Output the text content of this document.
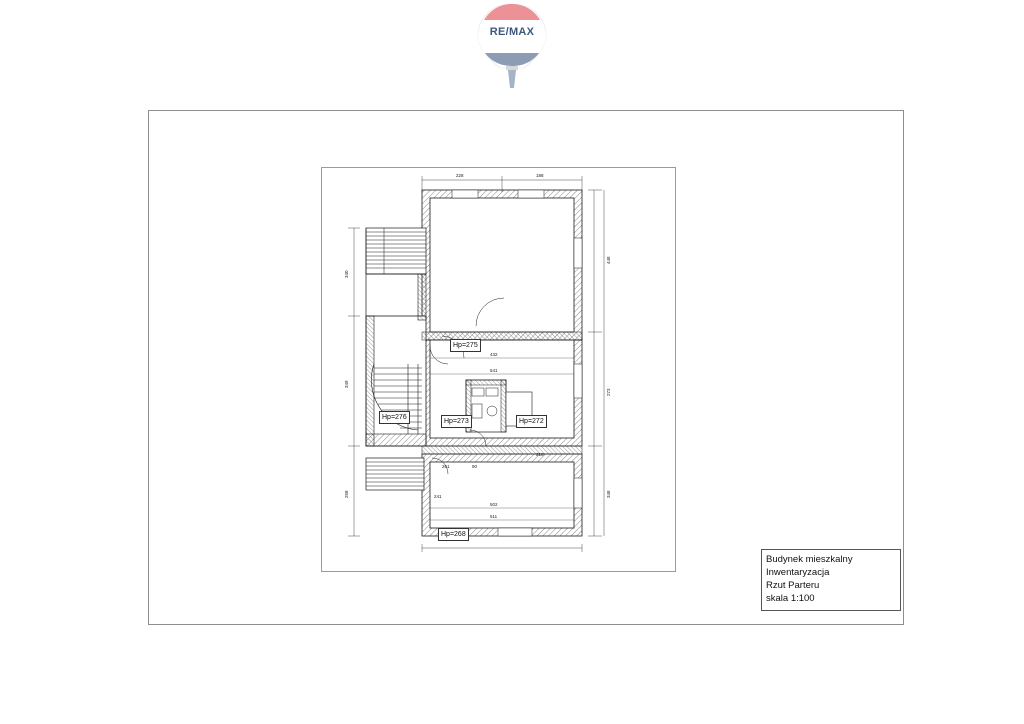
RE/MAX
228	188
448
273
348
340
349
258
432
541
502
511
218
261
241
90
Hp=275
Hp=272
Hp=273
Hp=276
Hp=268
Budynek mieszkalny
Inwentaryzacja
Rzut Parteru
skala 1:100
